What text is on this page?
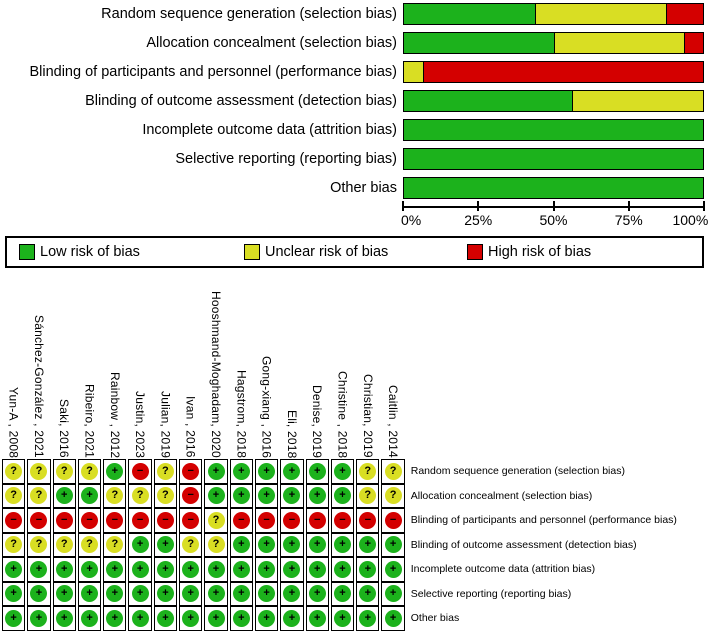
Random sequence generation (selection bias)
Allocation concealment (selection bias)
Blinding of participants and personnel (performance bias)
Blinding of outcome assessment (detection bias)
Incomplete outcome data (attrition bias)
Selective reporting (reporting bias)
Other bias
0%	25%	50%	75% 100%
Low risk of bias	Unclear risk of bias	High risk of bias
Yun-A , 2008 Sánchez-González , 2021 Saki, 2016 Ribeiro, 2021 Rainbow , 2012 Justin, 2023 Julian, 2019 Ivan , 2016 Hooshmand-Moghadam, 2020 Hagstrom, 2018 Gong-xiang , 2016 Eli, 2018 Denise, 2019 Christine , 2018 Christian, 2019 Caitlin , 2014
? ? ? ? + − ? − + + + + + + ? ? Random sequence generation (selection bias)
? ? + + ? ? ? − + + + + + + ? ? Allocation concealment (selection bias)
− − − − − − − − ? − − − − − − − Blinding of participants and personnel (performance bias)
? ? ? ? ? + + ? ? + + + + + + + Blinding of outcome assessment (detection bias)
+ + + + + + + + + + + + + + + + Incomplete outcome data (attrition bias)
+ + + + + + + + + + + + + + + + Selective reporting (reporting bias)
+ + + + + + + + + + + + + + + + Other bias
